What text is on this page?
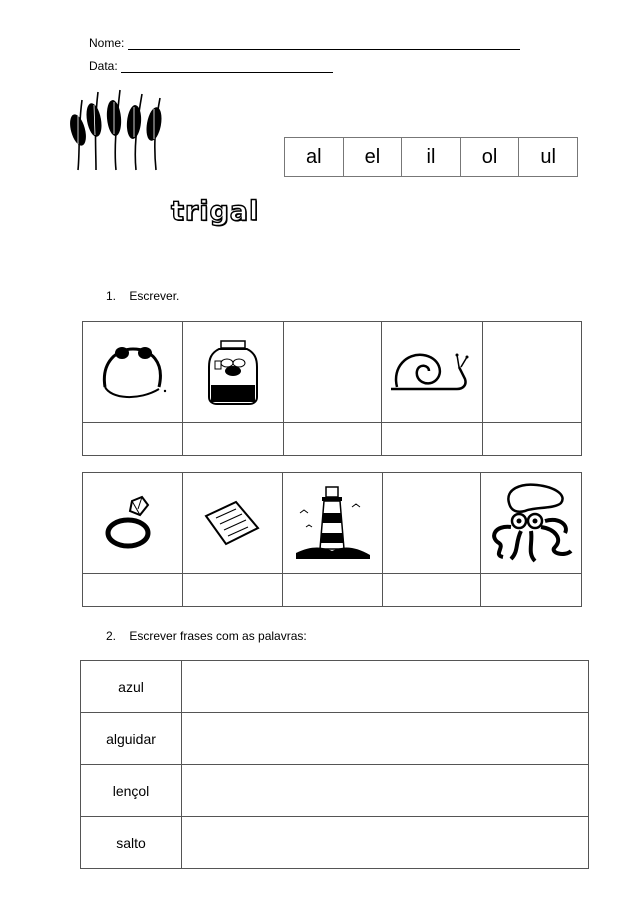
Nome:
Data:
al	el	il	ol	ul
trigal
1. Escrever.

2. Escrever frases com as palavras:
azul	
alguidar	
lençol	
salto	
